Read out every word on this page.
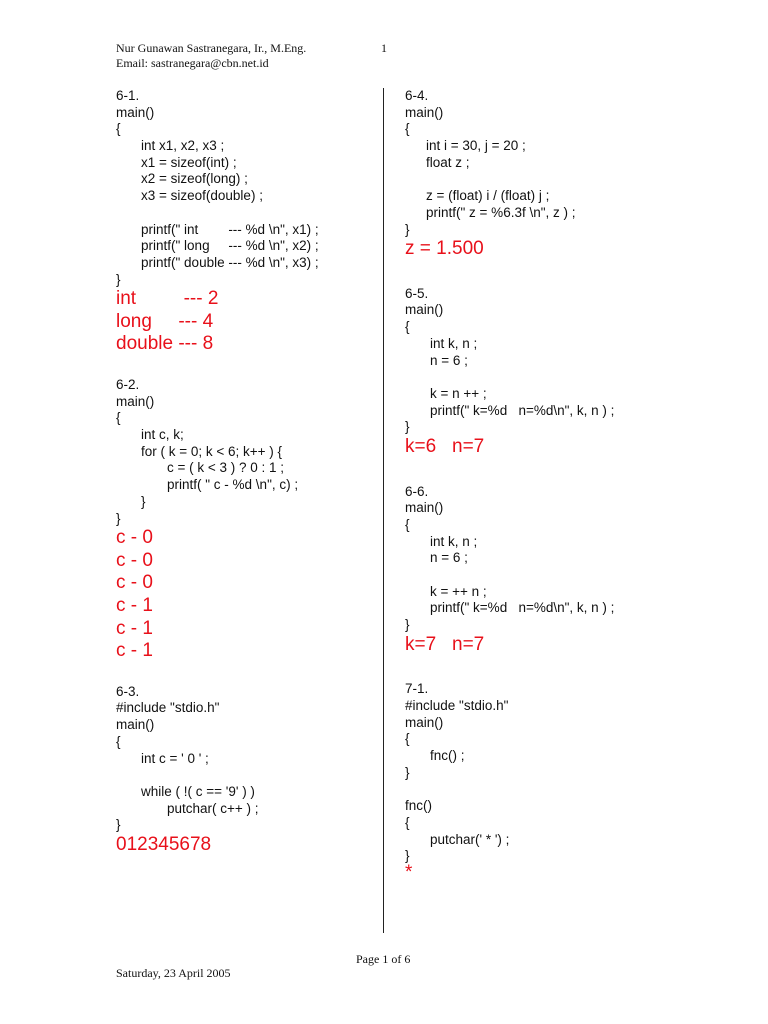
Nur Gunawan Sastranegara, Ir., M.Eng.
Email: sastranegara@cbn.net.id
1
6-1.
main()
{
int x1, x2, x3 ;
x1 = sizeof(int) ;
x2 = sizeof(long) ;
x3 = sizeof(double) ;
printf(" int        --- %d \n", x1) ;
printf(" long     --- %d \n", x2) ;
printf(" double --- %d \n", x3) ;
}
int         --- 2
long     --- 4
double --- 8
6-2.
main()
{
int c, k;
for ( k = 0; k < 6; k++ ) {
c = ( k < 3 ) ? 0 : 1 ;
printf( " c - %d \n", c) ;
}
}
c - 0
c - 0
c - 0
c - 1
c - 1
c - 1
6-3.
#include "stdio.h"
main()
{
int c = ' 0 ' ;
while ( !( c == '9' ) )
putchar( c++ ) ;
}
012345678
6-4.
main()
{
int i = 30, j = 20 ;
float z ;
z = (float) i / (float) j ;
printf(" z = %6.3f \n", z ) ;
}
z = 1.500
6-5.
main()
{
int k, n ;
n = 6 ;
k = n ++ ;
printf(" k=%d   n=%d\n", k, n ) ;
}
k=6   n=7
6-6.
main()
{
int k, n ;
n = 6 ;
k = ++ n ;
printf(" k=%d   n=%d\n", k, n ) ;
}
k=7   n=7
7-1.
#include "stdio.h"
main()
{
fnc() ;
}
fnc()
{
putchar(' * ') ;
}
*
Page 1 of 6
Saturday, 23 April 2005
